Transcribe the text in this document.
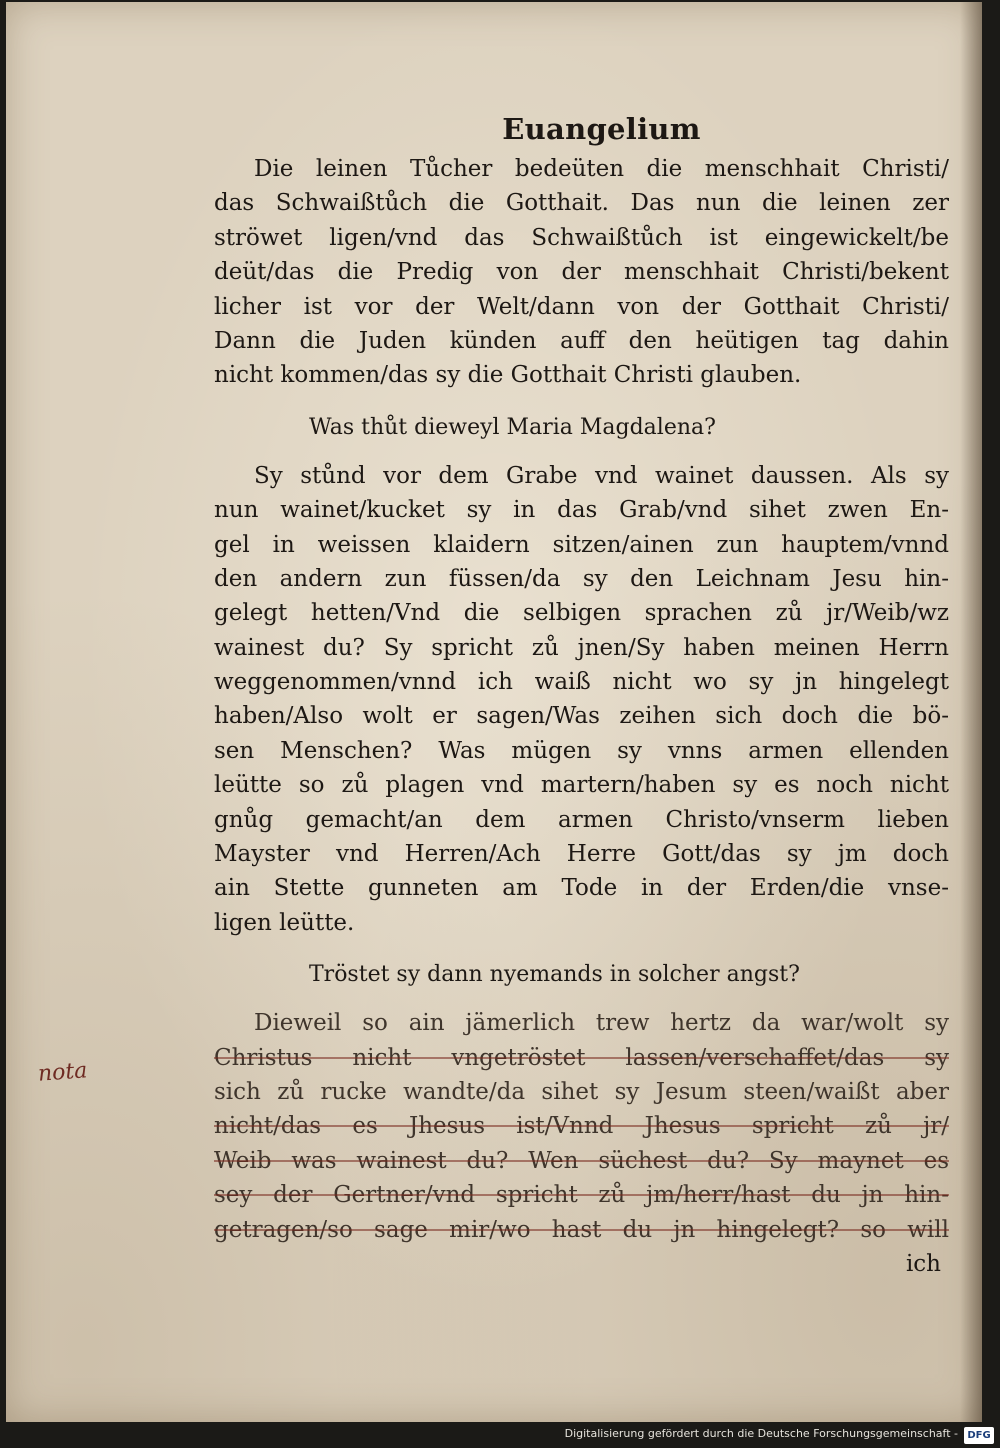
Euangelium
Die leinen Tůcher bedeüten die menschhait Christi/
das Schwaißtůch die Gotthait. Das nun die leinen zer
ströwet ligen/vnd das Schwaißtůch ist eingewickelt/be
deüt/das die Predig von der menschhait Christi/bekent
licher ist vor der Welt/dann von der Gotthait Christi/
Dann die Juden künden auff den heütigen tag dahin
nicht kommen/das sy die Gotthait Christi glauben.
Was thůt dieweyl Maria Magdalena?
Sy stůnd vor dem Grabe vnd wainet daussen. Als sy
nun wainet/kucket sy in das Grab/vnd sihet zwen En-
gel in weissen klaidern sitzen/ainen zun hauptem/vnnd
den andern zun füssen/da sy den Leichnam Jesu hin-
gelegt hetten/Vnd die selbigen sprachen zů jr/Weib/wz
wainest du? Sy spricht zů jnen/Sy haben meinen Herrn
weggenommen/vnnd ich waiß nicht wo sy jn hingelegt
haben/Also wolt er sagen/Was zeihen sich doch die bö-
sen Menschen? Was mügen sy vnns armen ellenden
leütte so zů plagen vnd martern/haben sy es noch nicht
gnůg gemacht/an dem armen Christo/vnserm lieben
Mayster vnd Herren/Ach Herre Gott/das sy jm doch
ain Stette gunneten am Tode in der Erden/die vnse-
ligen leütte.
Tröstet sy dann nyemands in solcher angst?
Dieweil so ain jämerlich trew hertz da war/wolt sy
Christus nicht vngetröstet lassen/verschaffet/das sy
sich zů rucke wandte/da sihet sy Jesum steen/waißt aber
nicht/das es Jhesus ist/Vnnd Jhesus spricht zů jr/
Weib was wainest du? Wen süchest du? Sy maynet es
sey der Gertner/vnd spricht zů jm/herr/hast du jn hin-
getragen/so sage mir/wo hast du jn hingelegt? so will
ich
nota
Digitalisierung gefördert durch die Deutsche Forschungsgemeinschaft - DFG
